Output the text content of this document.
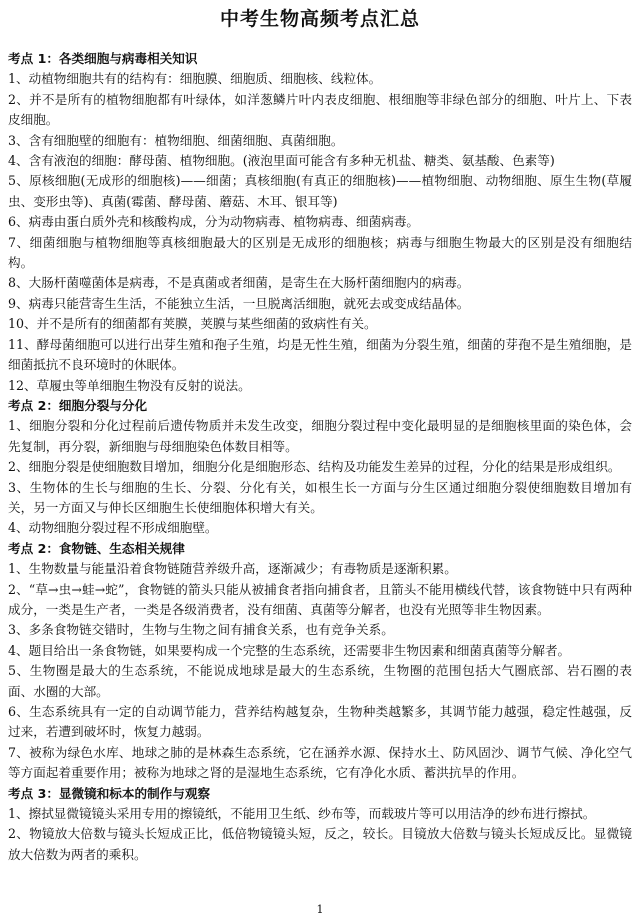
中考生物高频考点汇总

考点 1：各类细胞与病毒相关知识

1、动植物细胞共有的结构有：细胞膜、细胞质、细胞核、线粒体。

2、并不是所有的植物细胞都有叶绿体，如洋葱鳞片叶内表皮细胞、根细胞等非绿色部分的细胞、叶片上、下表皮细胞。

3、含有细胞壁的细胞有：植物细胞、细菌细胞、真菌细胞。

4、含有液泡的细胞：酵母菌、植物细胞。(液泡里面可能含有多种无机盐、糖类、氨基酸、色素等)

5、原核细胞(无成形的细胞核)——细菌；真核细胞(有真正的细胞核)——植物细胞、动物细胞、原生生物(草履虫、变形虫等)、真菌(霉菌、酵母菌、蘑菇、木耳、银耳等)

6、病毒由蛋白质外壳和核酸构成，分为动物病毒、植物病毒、细菌病毒。

7、细菌细胞与植物细胞等真核细胞最大的区别是无成形的细胞核；病毒与细胞生物最大的区别是没有细胞结构。

8、大肠杆菌噬菌体是病毒，不是真菌或者细菌，是寄生在大肠杆菌细胞内的病毒。

9、病毒只能营寄生生活，不能独立生活，一旦脱离活细胞，就死去或变成结晶体。

10、并不是所有的细菌都有荚膜，荚膜与某些细菌的致病性有关。

11、酵母菌细胞可以进行出芽生殖和孢子生殖，均是无性生殖，细菌为分裂生殖，细菌的芽孢不是生殖细胞，是细菌抵抗不良环境时的休眠体。

12、草履虫等单细胞生物没有反射的说法。

考点 2：细胞分裂与分化

1、细胞分裂和分化过程前后遗传物质并未发生改变，细胞分裂过程中变化最明显的是细胞核里面的染色体，会先复制，再分裂，新细胞与母细胞染色体数目相等。

2、细胞分裂是使细胞数目增加，细胞分化是细胞形态、结构及功能发生差异的过程，分化的结果是形成组织。

3、生物体的生长与细胞的生长、分裂、分化有关，如根生长一方面与分生区通过细胞分裂使细胞数目增加有关，另一方面又与伸长区细胞生长使细胞体积增大有关。

4、动物细胞分裂过程不形成细胞壁。

考点 2：食物链、生态相关规律

1、生物数量与能量沿着食物链随营养级升高，逐渐减少；有毒物质是逐渐积累。

2、“草→虫→蛙→蛇”，食物链的箭头只能从被捕食者指向捕食者，且箭头不能用横线代替，该食物链中只有两种成分，一类是生产者，一类是各级消费者，没有细菌、真菌等分解者，也没有光照等非生物因素。

3、多条食物链交错时，生物与生物之间有捕食关系，也有竞争关系。

4、题目给出一条食物链，如果要构成一个完整的生态系统，还需要非生物因素和细菌真菌等分解者。

5、生物圈是最大的生态系统，不能说成地球是最大的生态系统，生物圈的范围包括大气圈底部、岩石圈的表面、水圈的大部。

6、生态系统具有一定的自动调节能力，营养结构越复杂，生物种类越繁多，其调节能力越强，稳定性越强，反过来，若遭到破坏时，恢复力越弱。

7、被称为绿色水库、地球之肺的是林森生态系统，它在涵养水源、保持水土、防风固沙、调节气候、净化空气等方面起着重要作用；被称为地球之肾的是湿地生态系统，它有净化水质、蓄洪抗旱的作用。

考点 3：显微镜和标本的制作与观察

1、擦拭显微镜镜头采用专用的擦镜纸，不能用卫生纸、纱布等，而载玻片等可以用洁净的纱布进行擦拭。

2、物镜放大倍数与镜头长短成正比，低倍物镜镜头短，反之，较长。目镜放大倍数与镜头长短成反比。显微镜放大倍数为两者的乘积。

1
